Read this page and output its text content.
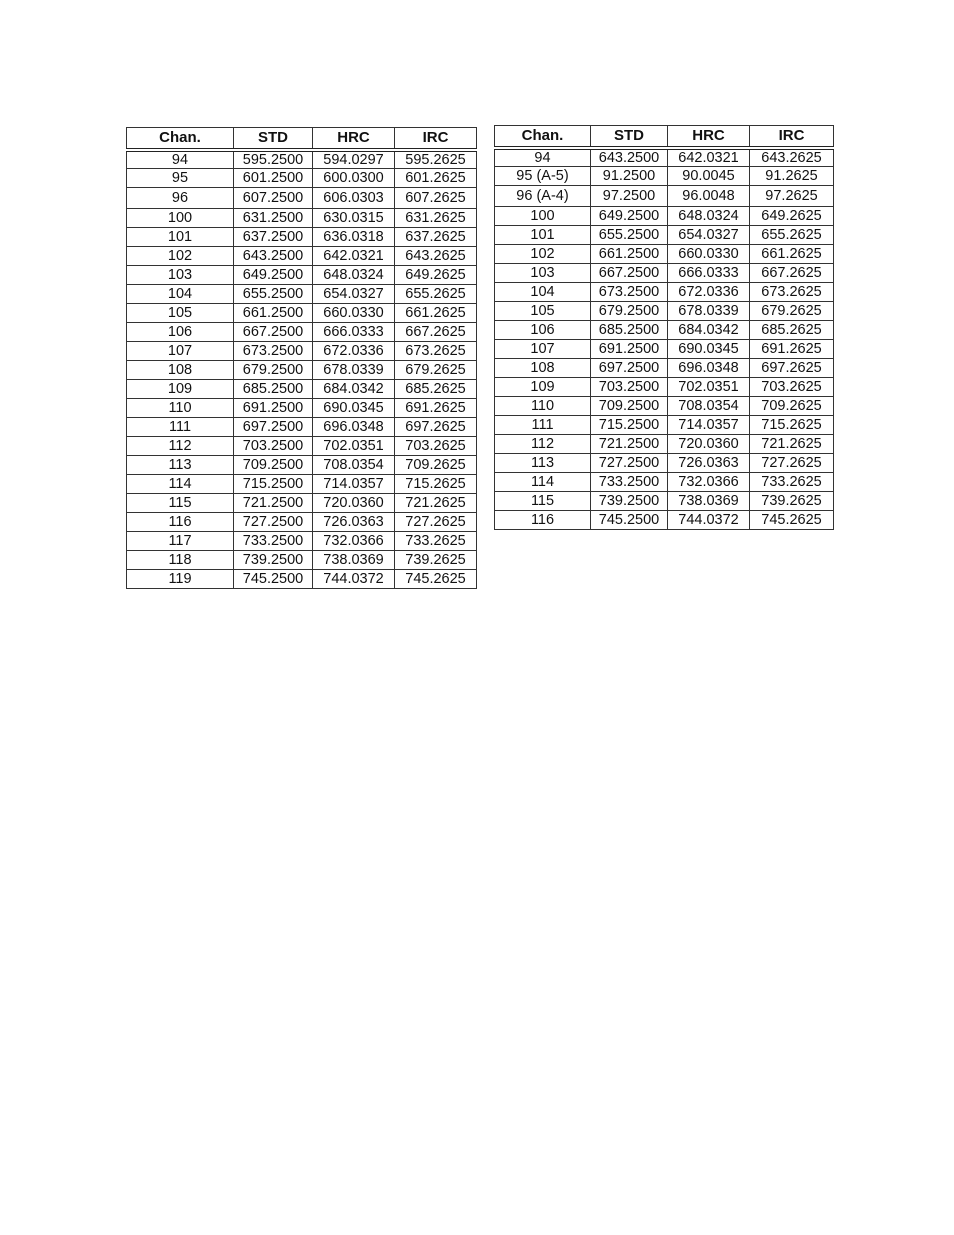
Chan.	STD	HRC	IRC
94	595.2500	594.0297	595.2625
95	601.2500	600.0300	601.2625
96	607.2500	606.0303	607.2625
100	631.2500	630.0315	631.2625
101	637.2500	636.0318	637.2625
102	643.2500	642.0321	643.2625
103	649.2500	648.0324	649.2625
104	655.2500	654.0327	655.2625
105	661.2500	660.0330	661.2625
106	667.2500	666.0333	667.2625
107	673.2500	672.0336	673.2625
108	679.2500	678.0339	679.2625
109	685.2500	684.0342	685.2625
110	691.2500	690.0345	691.2625
111	697.2500	696.0348	697.2625
112	703.2500	702.0351	703.2625
113	709.2500	708.0354	709.2625
114	715.2500	714.0357	715.2625
115	721.2500	720.0360	721.2625
116	727.2500	726.0363	727.2625
117	733.2500	732.0366	733.2625
118	739.2500	738.0369	739.2625
119	745.2500	744.0372	745.2625
Chan.	STD	HRC	IRC
94	643.2500	642.0321	643.2625
95 (A-5)	91.2500	90.0045	91.2625
96 (A-4)	97.2500	96.0048	97.2625
100	649.2500	648.0324	649.2625
101	655.2500	654.0327	655.2625
102	661.2500	660.0330	661.2625
103	667.2500	666.0333	667.2625
104	673.2500	672.0336	673.2625
105	679.2500	678.0339	679.2625
106	685.2500	684.0342	685.2625
107	691.2500	690.0345	691.2625
108	697.2500	696.0348	697.2625
109	703.2500	702.0351	703.2625
110	709.2500	708.0354	709.2625
111	715.2500	714.0357	715.2625
112	721.2500	720.0360	721.2625
113	727.2500	726.0363	727.2625
114	733.2500	732.0366	733.2625
115	739.2500	738.0369	739.2625
116	745.2500	744.0372	745.2625
